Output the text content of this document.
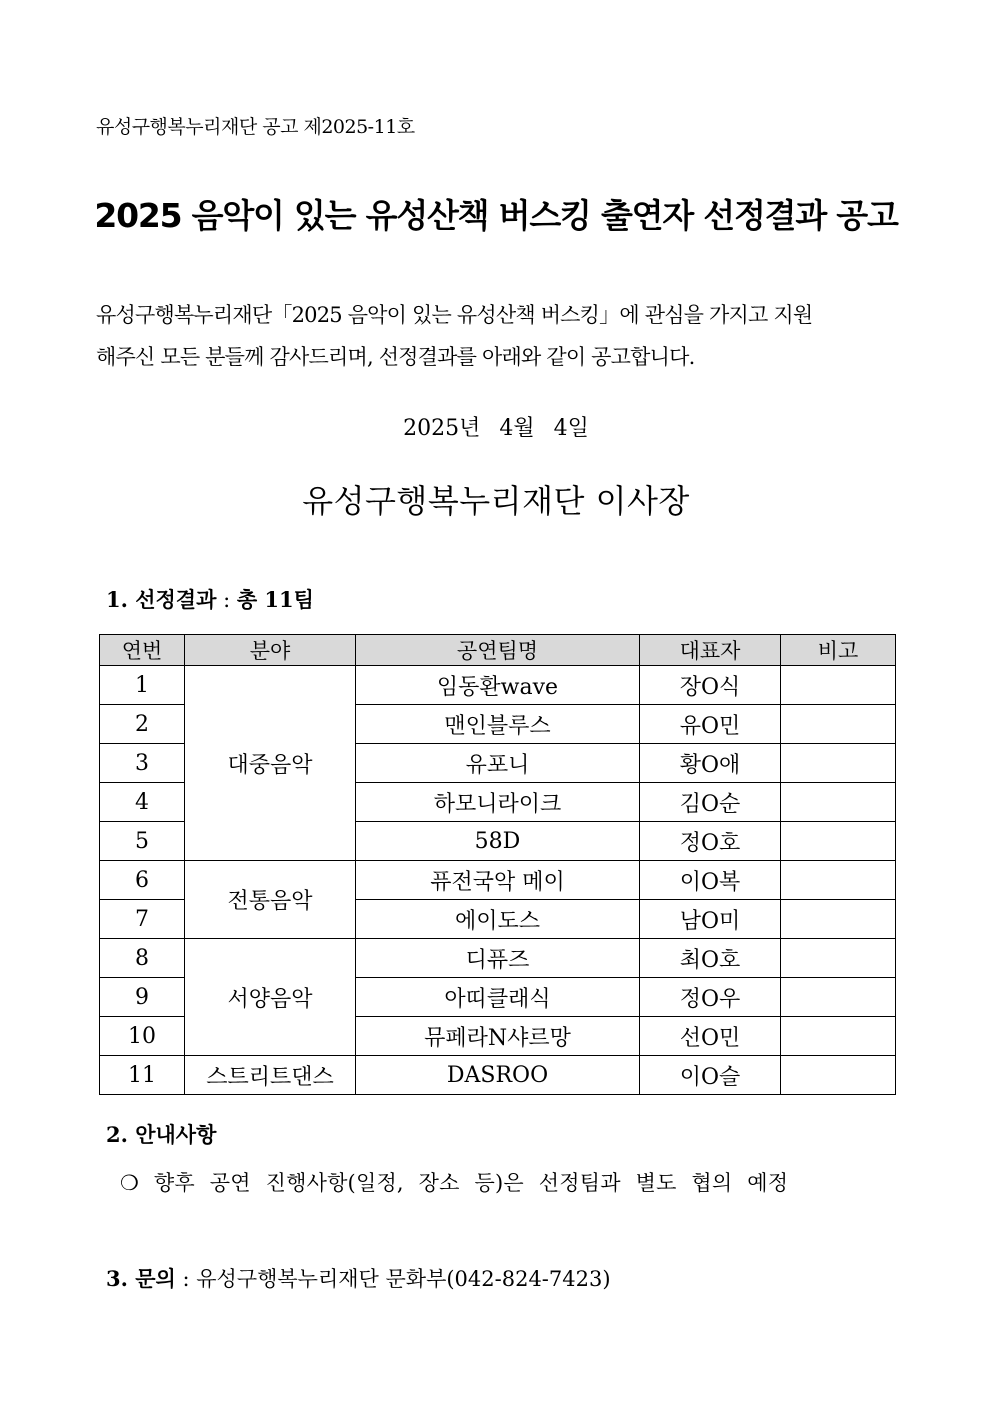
유성구행복누리재단 공고 제2025-11호
2025 음악이 있는 유성산책 버스킹 출연자 선정결과 공고

유성구행복누리재단「2025 음악이 있는 유성산책 버스킹」에 관심을 가지고 지원

해주신 모든 분들께 감사드리며, 선정결과를 아래와 같이 공고합니다.

2025년 4월 4일
유성구행복누리재단 이사장
1. 선정결과 : 총 11팀
연번	분야	공연팀명	대표자	비고
1	대중음악	임동환wave	장O식	
2		맨인블루스	유O민	
3		유포니	황O애	
4		하모니라이크	김O순	
5		58D	정O호	
6	전통음악	퓨전국악 메이	이O복	
7		에이도스	남O미	
8	서양음악	디퓨즈	최O호	
9		아띠클래식	정O우	
10		뮤페라N샤르망	선O민	
11	스트리트댄스	DASROO	이O슬	
2. 안내사항
❍ 향후 공연 진행사항(일정, 장소 등)은 선정팀과 별도 협의 예정
3. 문의 : 유성구행복누리재단 문화부(042-824-7423)
